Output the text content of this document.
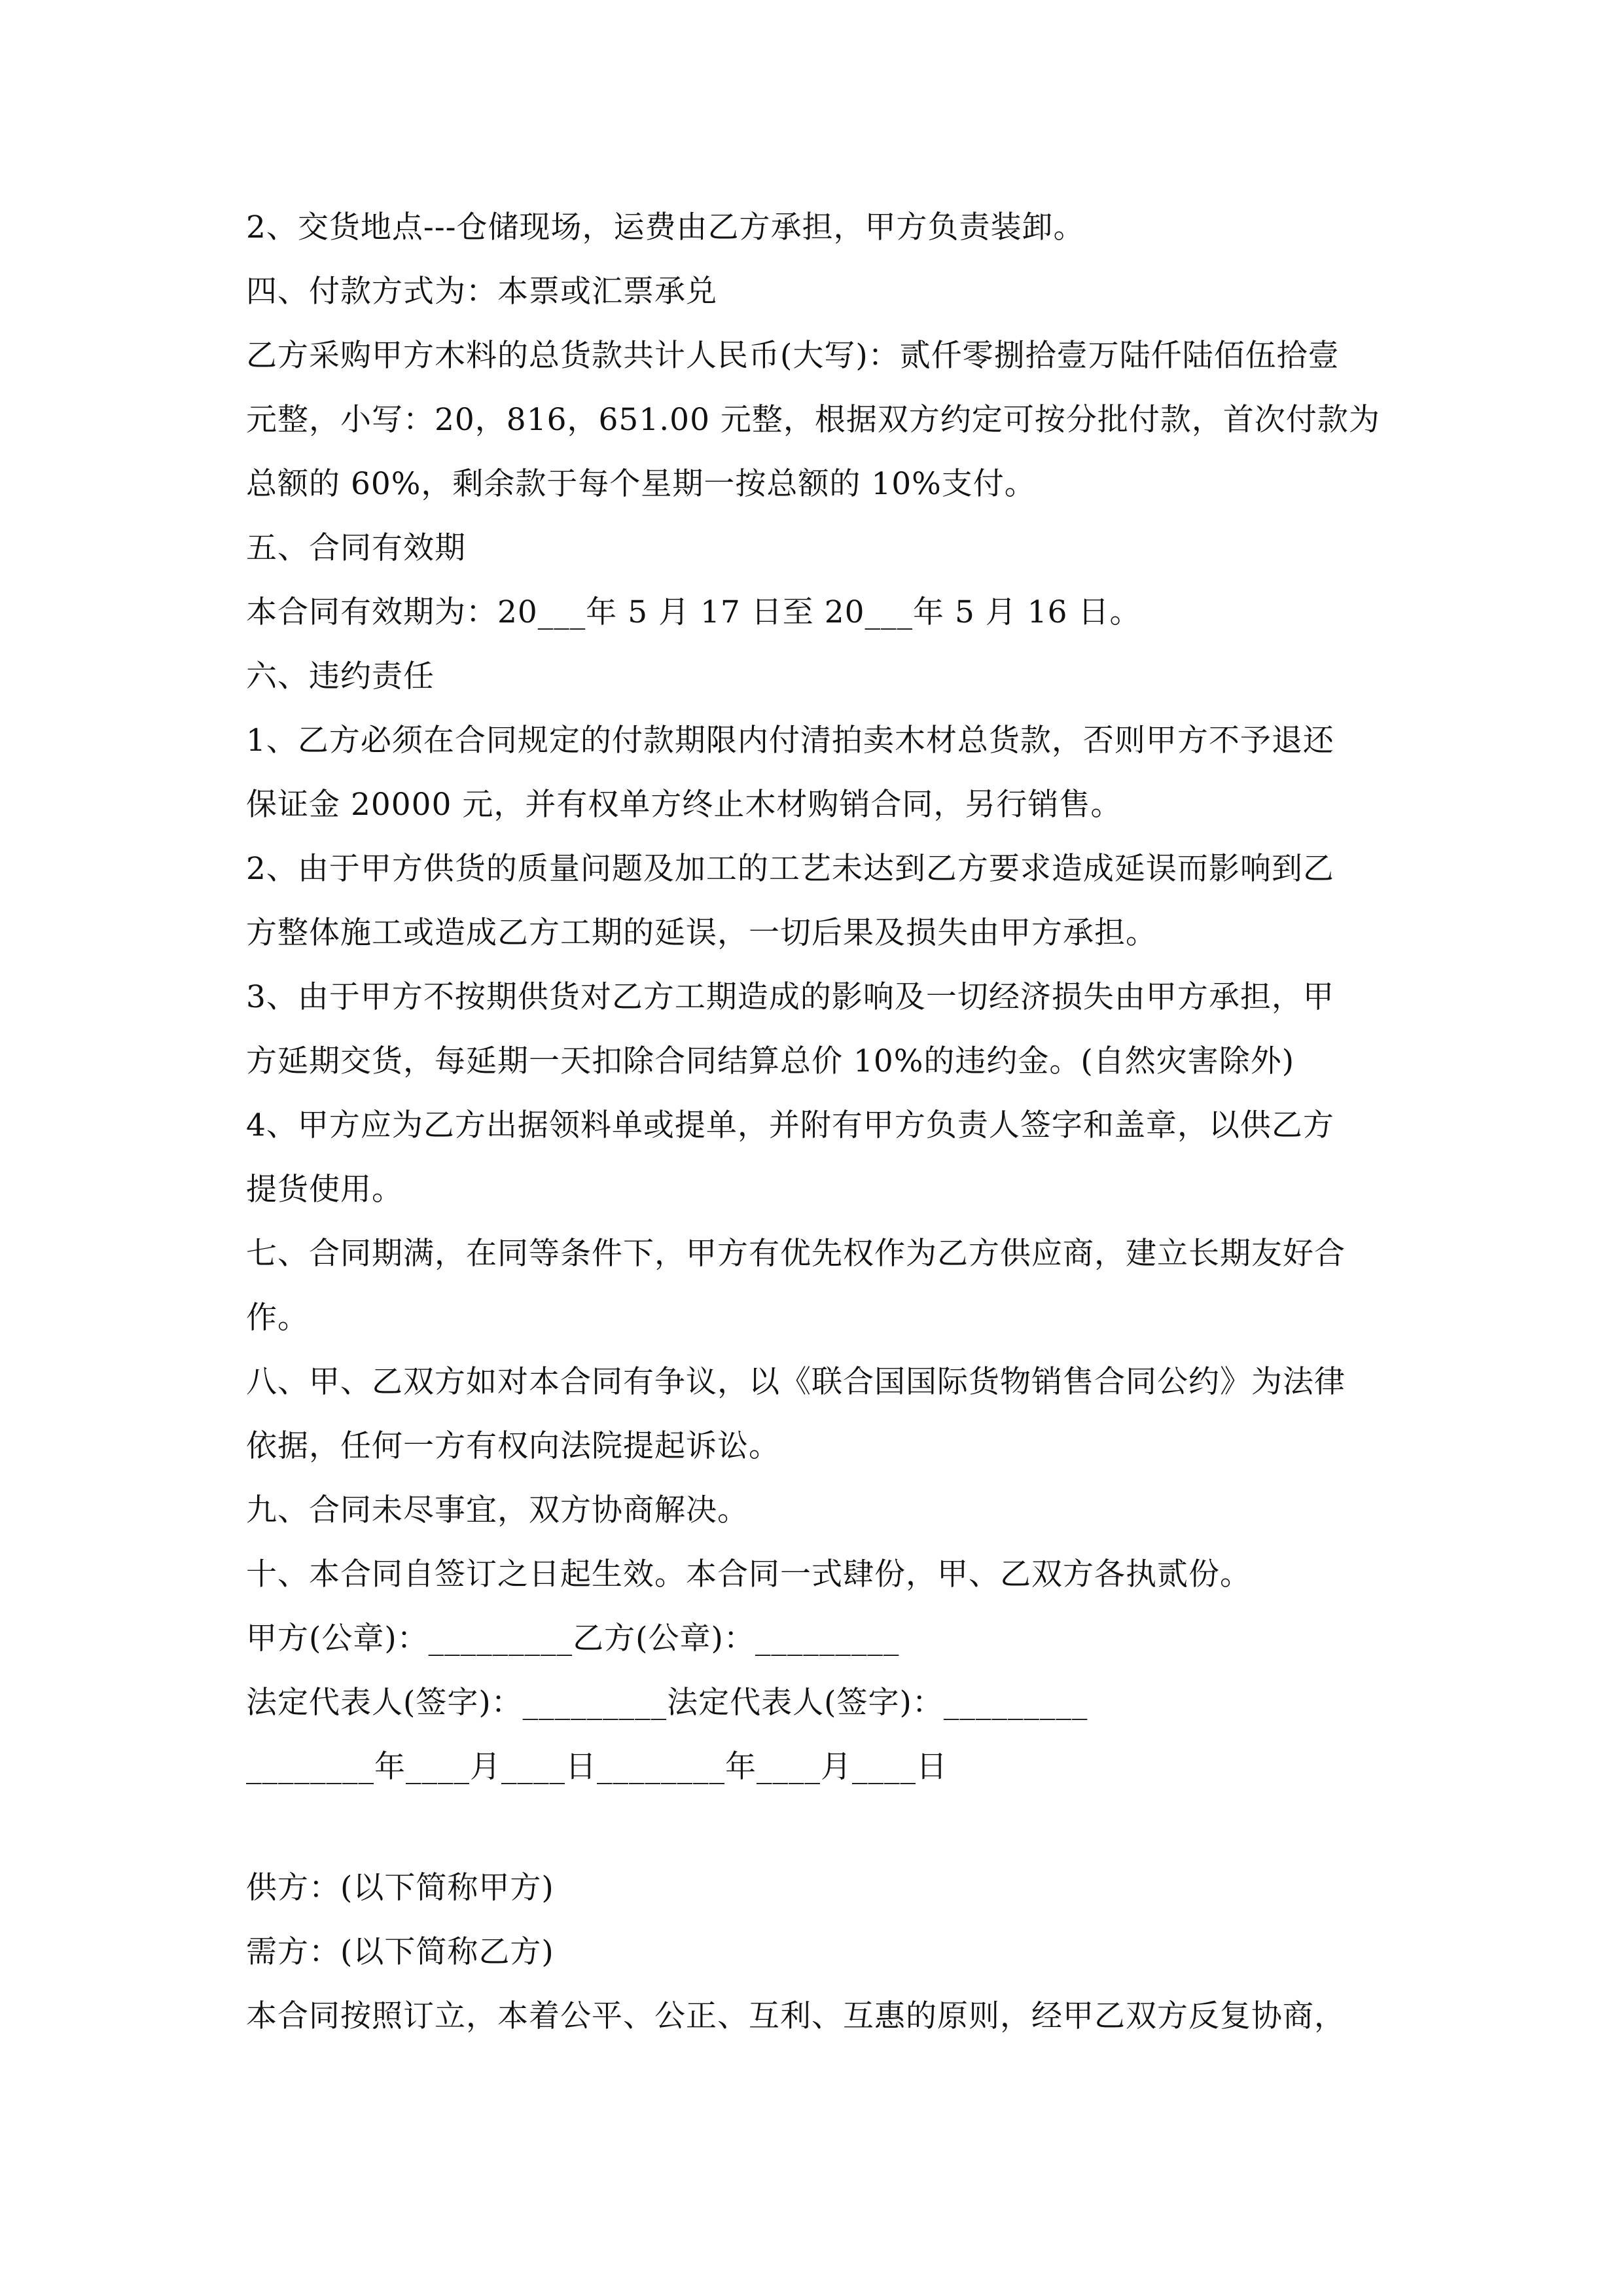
2、交货地点---仓储现场，运费由乙方承担，甲方负责装卸。
四、付款方式为：本票或汇票承兑
乙方采购甲方木料的总货款共计人民币(大写)：贰仟零捌拾壹万陆仟陆佰伍拾壹
元整，小写：20，816，651.00 元整，根据双方约定可按分批付款，首次付款为
总额的 60%，剩余款于每个星期一按总额的 10%支付。
五、合同有效期
本合同有效期为：20___年 5 月 17 日至 20___年 5 月 16 日。
六、违约责任
1、乙方必须在合同规定的付款期限内付清拍卖木材总货款，否则甲方不予退还
保证金 20000 元，并有权单方终止木材购销合同，另行销售。
2、由于甲方供货的质量问题及加工的工艺未达到乙方要求造成延误而影响到乙
方整体施工或造成乙方工期的延误，一切后果及损失由甲方承担。
3、由于甲方不按期供货对乙方工期造成的影响及一切经济损失由甲方承担，甲
方延期交货，每延期一天扣除合同结算总价 10%的违约金。(自然灾害除外)
4、甲方应为乙方出据领料单或提单，并附有甲方负责人签字和盖章，以供乙方
提货使用。
七、合同期满，在同等条件下，甲方有优先权作为乙方供应商，建立长期友好合
作。
八、甲、乙双方如对本合同有争议，以《联合国国际货物销售合同公约》为法律
依据，任何一方有权向法院提起诉讼。
九、合同未尽事宜，双方协商解决。
十、本合同自签订之日起生效。本合同一式肆份，甲、乙双方各执贰份。
甲方(公章)：_________乙方(公章)：_________
法定代表人(签字)：_________法定代表人(签字)：_________
________年____月____日________年____月____日
供方：(以下简称甲方)
需方：(以下简称乙方)
本合同按照订立，本着公平、公正、互利、互惠的原则，经甲乙双方反复协商，
